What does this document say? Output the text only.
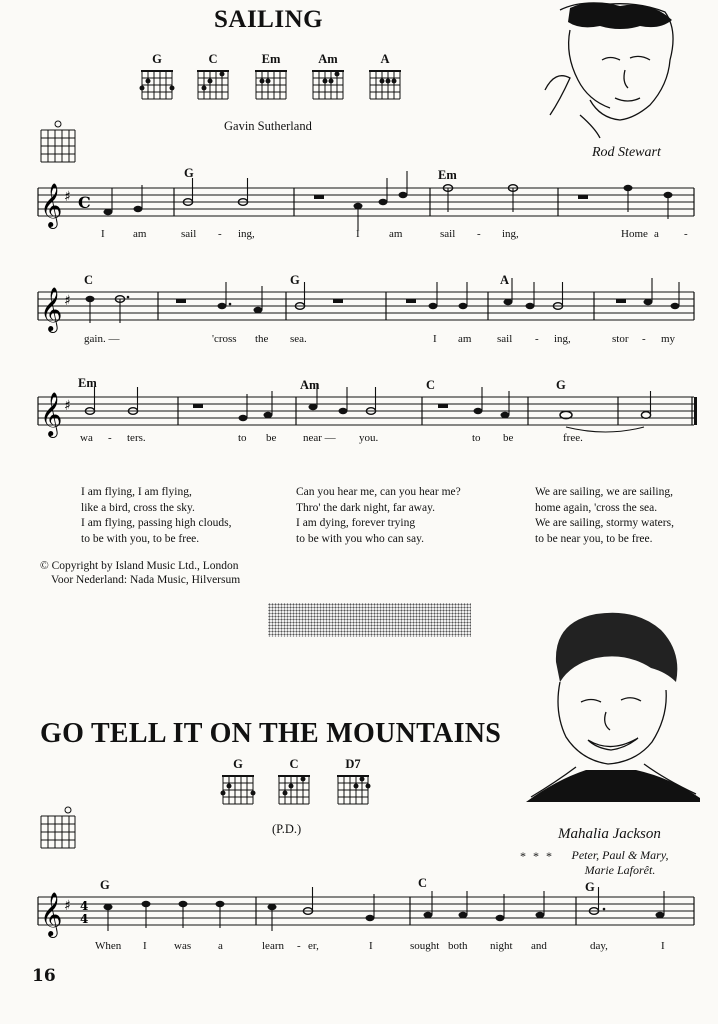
SAILING
G	C	Em	Am	A
Gavin Sutherland
Rod Stewart
G	Em
𝄞 ♯ C
I	am	sail - ing,	I	am	sail - ing,	Home a -
C	G	A
𝄞 ♯
gain. —	'cross the sea.	I am sail - ing,	stor - my
Em	Am	C	G
𝄞 ♯
wa - ters.	to be near — you.	to be	free.
I am flying, I am flying,
like a bird, cross the sky.
I am flying, passing high clouds,
to be with you, to be free.
Can you hear me, can you hear me?
Thro' the dark night, far away.
I am dying, forever trying
to be with you who can say.
We are sailing, we are sailing,
home again, 'cross the sea.
We are sailing, stormy waters,
to be near you, to be free.
© Copyright by Island Music Ltd., London
Voor Nederland: Nada Music, Hilversum
GO TELL IT ON THE MOUNTAINS
G	C	D7
(P.D.)	Mahalia Jackson
* * *	Peter, Paul & Mary,
Marie Laforêt.
G	C	G
𝄞 ♯ 4
4
When I was a	learn - er,	I	sought both night and	day,	I
16
